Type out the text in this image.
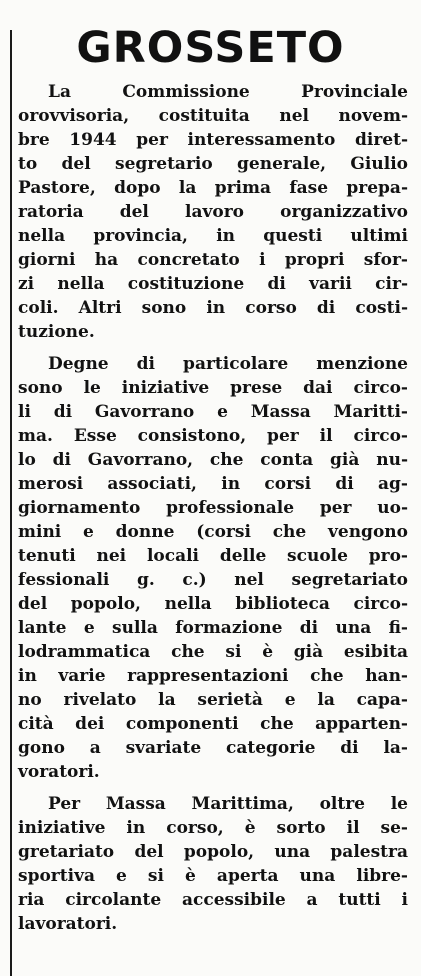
GROSSETO

La Commissione Provinciale
orovvisoria, costituita nel novem-
bre 1944 per interessamento diret-
to del segretario generale, Giulio
Pastore, dopo la prima fase prepa-
ratoria del lavoro organizzativo
nella provincia, in questi ultimi
giorni ha concretato i propri sfor-
zi nella costituzione di varii cir-
coli. Altri sono in corso di costi-
tuzione.

Degne di particolare menzione
sono le iniziative prese dai circo-
li di Gavorrano e Massa Maritti-
ma. Esse consistono, per il circo-
lo di Gavorrano, che conta già nu-
merosi associati, in corsi di ag-
giornamento professionale per uo-
mini e donne (corsi che vengono
tenuti nei locali delle scuole pro-
fessionali g. c.) nel segretariato
del popolo, nella biblioteca circo-
lante e sulla formazione di una fi-
lodrammatica che si è già esibita
in varie rappresentazioni che han-
no rivelato la serietà e la capa-
cità dei componenti che apparten-
gono a svariate categorie di la-
voratori.

Per Massa Marittima, oltre le
iniziative in corso, è sorto il se-
gretariato del popolo, una palestra
sportiva e si è aperta una libre-
ria circolante accessibile a tutti i
lavoratori.
